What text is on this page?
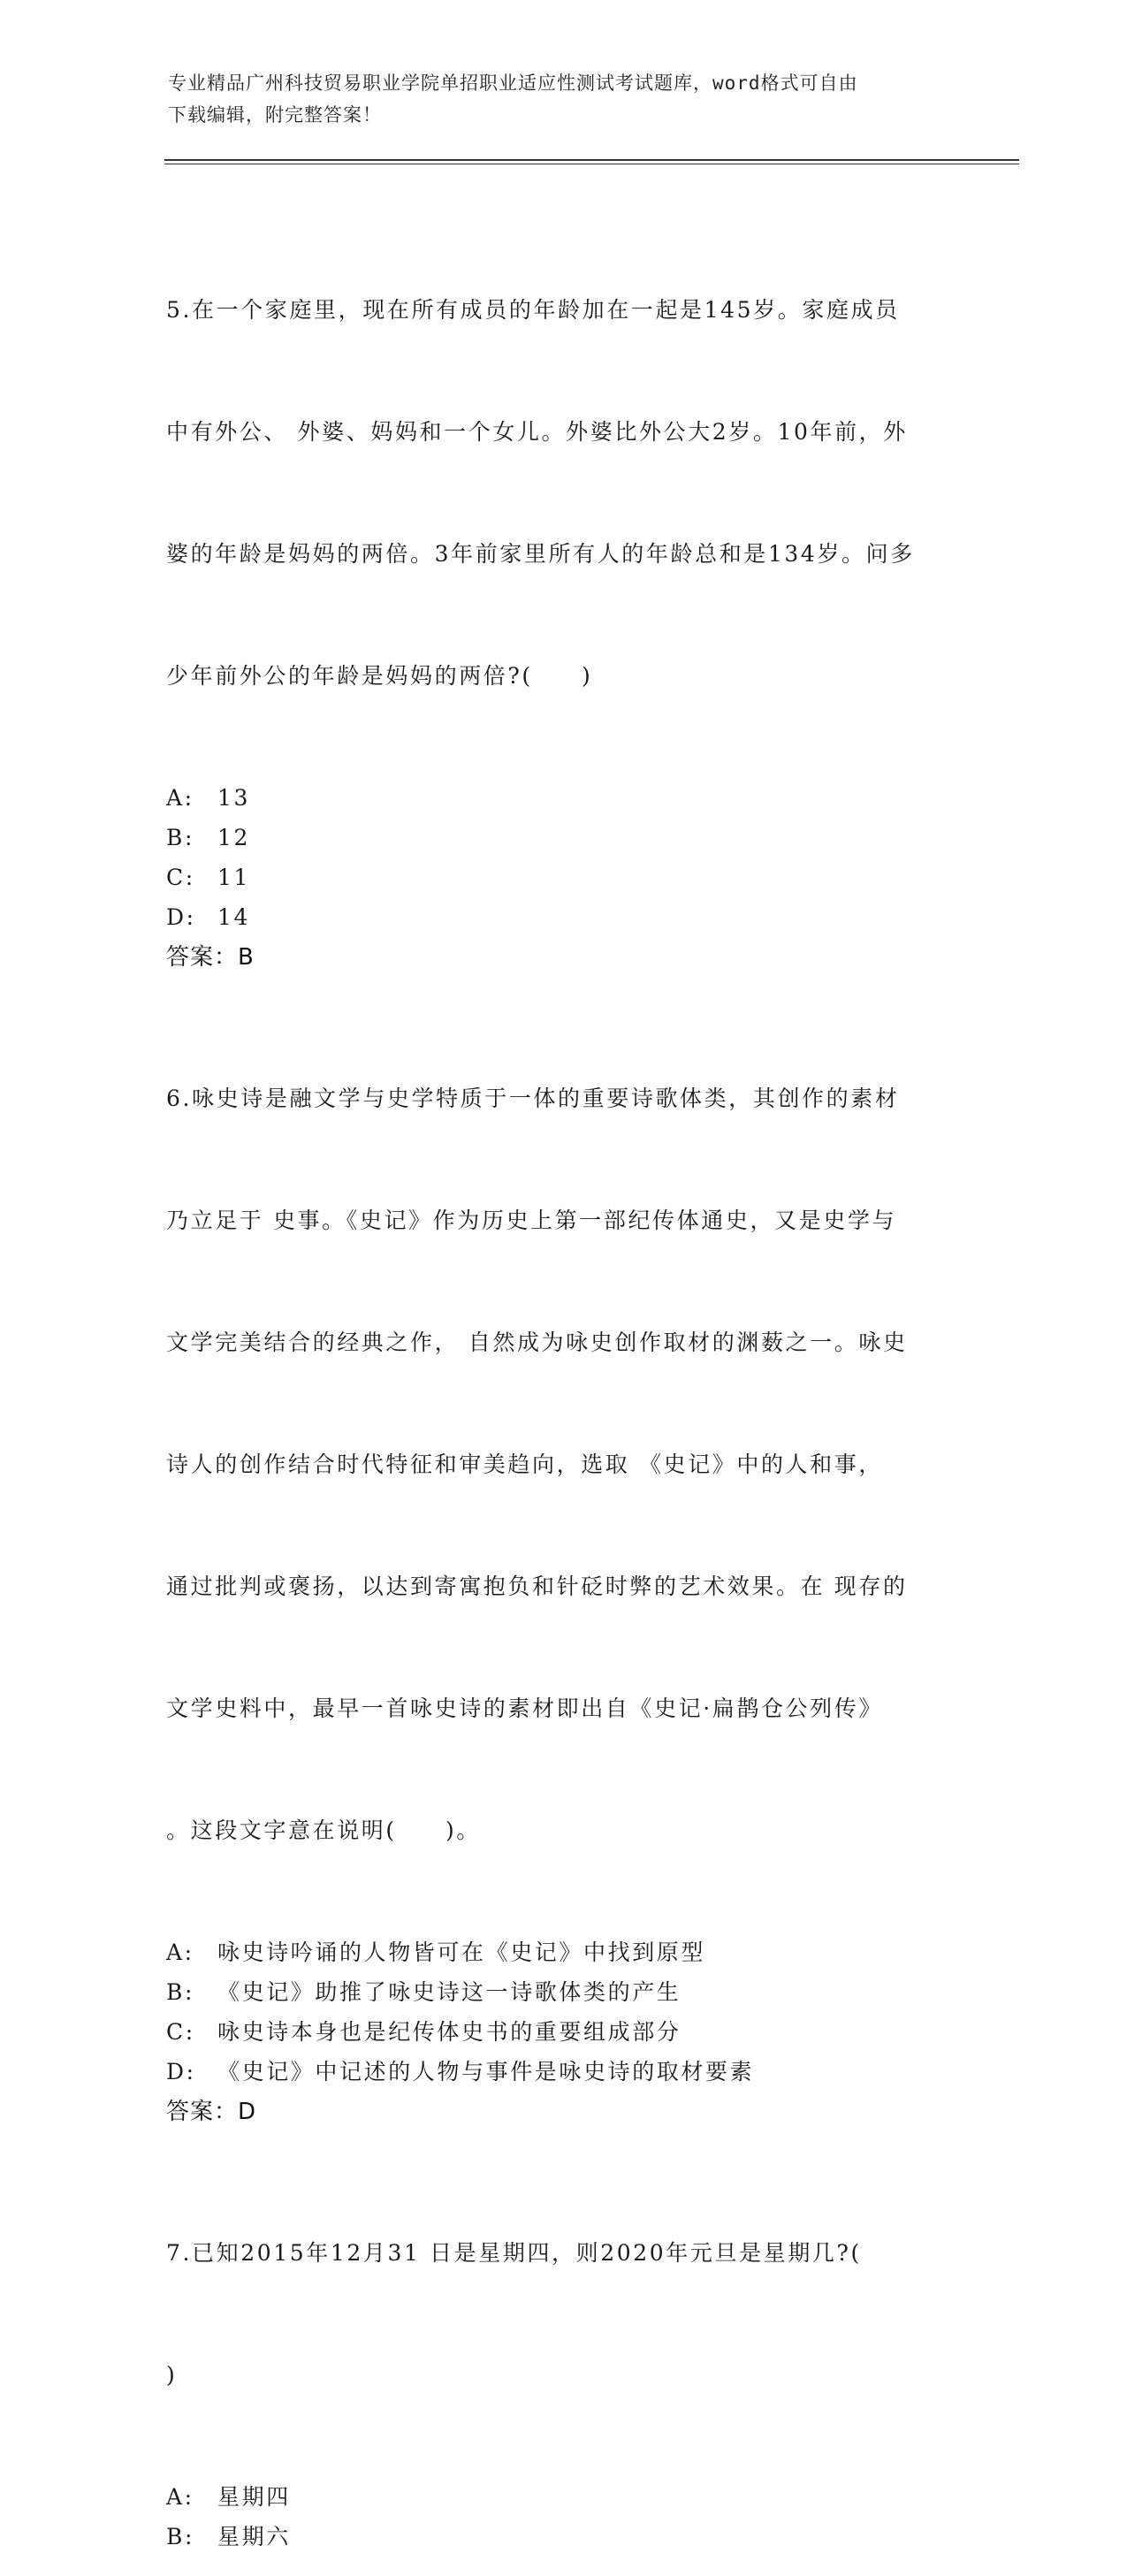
专业精品广州科技贸易职业学院单招职业适应性测试考试题库，word格式可自由
下载编辑，附完整答案！

5.在一个家庭里，现在所有成员的年龄加在一起是145岁。家庭成员

中有外公、 外婆、妈妈和一个女儿。外婆比外公大2岁。10年前，外

婆的年龄是妈妈的两倍。3年前家里所有人的年龄总和是134岁。问多

少年前外公的年龄是妈妈的两倍?(　　)

A:	13
B:	12
C:	11
D: 14
答案：B

6.咏史诗是融文学与史学特质于一体的重要诗歌体类，其创作的素材

乃立足于 史事。《史记》作为历史上第一部纪传体通史，又是史学与

文学完美结合的经典之作， 自然成为咏史创作取材的渊薮之一。咏史

诗人的创作结合时代特征和审美趋向，选取 《史记》中的人和事，

通过批判或褒扬，以达到寄寓抱负和针砭时弊的艺术效果。在 现存的

文学史料中，最早一首咏史诗的素材即出自《史记·扁鹊仓公列传》

。这段文字意在说明(　　)。

A:	咏史诗吟诵的人物皆可在《史记》中找到原型
B:	《史记》助推了咏史诗这一诗歌体类的产生
C:	咏史诗本身也是纪传体史书的重要组成部分
D: 《史记》中记述的人物与事件是咏史诗的取材要素
答案：D

7.已知2015年12月31 日是星期四，则2020年元旦是星期几?(

)

A:	星期四
B:	星期六
